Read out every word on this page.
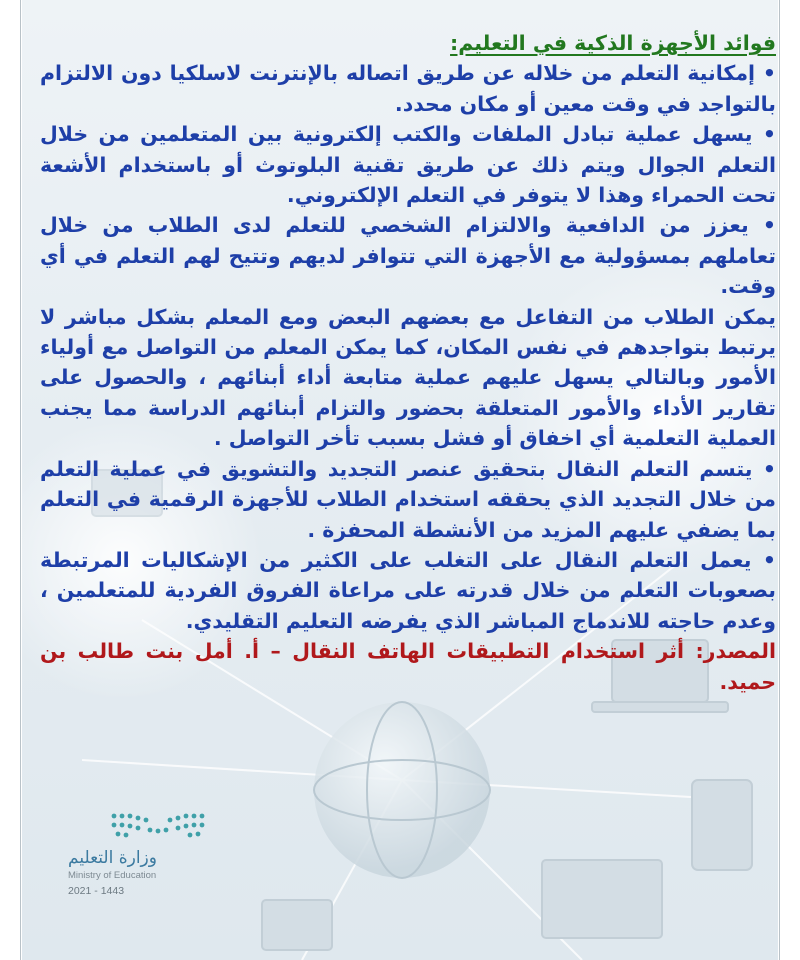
فوائد الأجهزة الذكية في التعليم:

• إمكانية التعلم من خلاله عن طريق اتصاله بالإنترنت لاسلكيا دون الالتزام بالتواجد في وقت معين أو مكان محدد.

• يسهل عملية تبادل الملفات والكتب إلكترونية بين المتعلمين من خلال التعلم الجوال ويتم ذلك عن طريق تقنية البلوتوث أو باستخدام الأشعة تحت الحمراء وهذا لا يتوفر في التعلم الإلكتروني.

• يعزز من الدافعية والالتزام الشخصي للتعلم لدى الطلاب من خلال تعاملهم بمسؤولية مع الأجهزة التي تتوافر لديهم وتتيح لهم التعلم في أي وقت.

يمكن الطلاب من التفاعل مع بعضهم البعض ومع المعلم بشكل مباشر لا يرتبط بتواجدهم في نفس المكان، كما يمكن المعلم من التواصل مع أولياء الأمور وبالتالي يسهل عليهم عملية متابعة أداء أبنائهم ، والحصول على تقارير الأداء والأمور المتعلقة بحضور والتزام أبنائهم الدراسة مما يجنب العملية التعلمية أي اخفاق أو فشل بسبب تأخر التواصل .

• يتسم التعلم النقال بتحقيق عنصر التجديد والتشويق في عملية التعلم من خلال التجديد الذي يحققه استخدام الطلاب للأجهزة الرقمية في التعلم بما يضفي عليهم المزيد من الأنشطة المحفزة .

• يعمل التعلم النقال على التغلب على الكثير من الإشكاليات المرتبطة بصعوبات التعلم من خلال قدرته على مراعاة الفروق الفردية للمتعلمين ، وعدم حاجته للاندماج المباشر الذي يفرضه التعليم التقليدي.

المصدر: أثر استخدام التطبيقات الهاتف النقال – أ. أمل بنت طالب بن حميد.

وزارة التعليم
Ministry of Education
2021 - 1443
